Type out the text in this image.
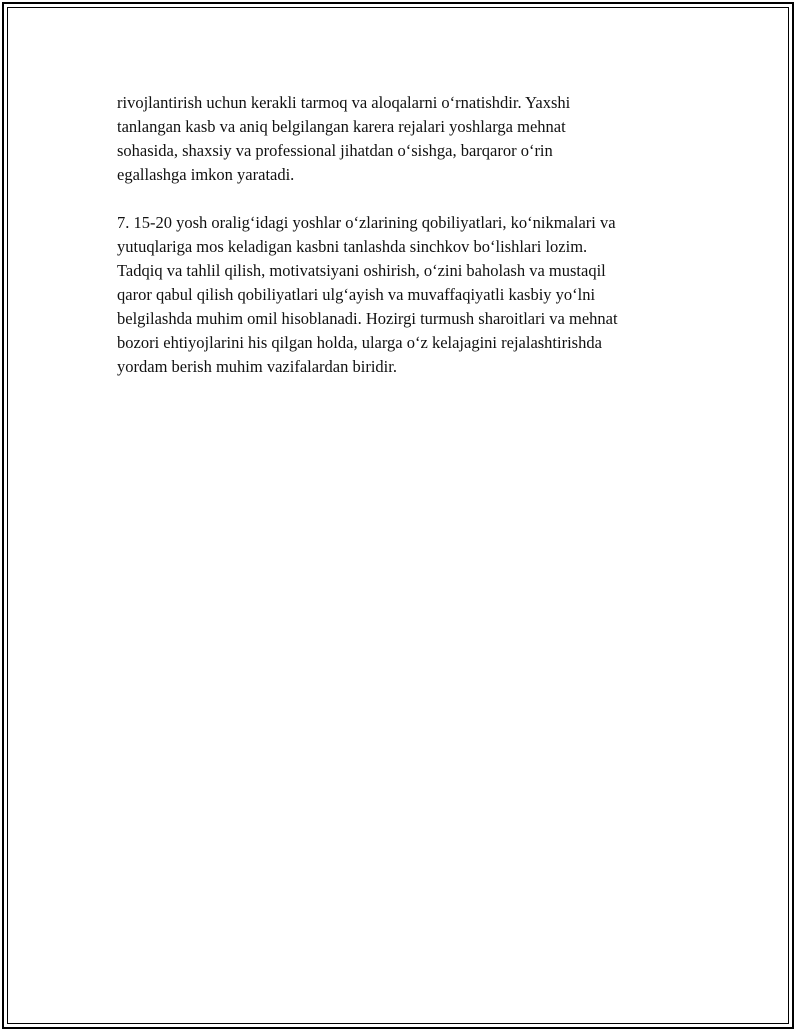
rivojlantirish uchun kerakli tarmoq va aloqalarni o‘rnatishdir. Yaxshi
tanlangan kasb va aniq belgilangan karera rejalari yoshlarga mehnat
sohasida, shaxsiy va professional jihatdan o‘sishga, barqaror o‘rin
egallashga imkon yaratadi.

7. 15-20 yosh oralig‘idagi yoshlar o‘zlarining qobiliyatlari, ko‘nikmalari va
yutuqlariga mos keladigan kasbni tanlashda sinchkov bo‘lishlari lozim.
Tadqiq va tahlil qilish, motivatsiyani oshirish, o‘zini baholash va mustaqil
qaror qabul qilish qobiliyatlari ulg‘ayish va muvaffaqiyatli kasbiy yo‘lni
belgilashda muhim omil hisoblanadi. Hozirgi turmush sharoitlari va mehnat
bozori ehtiyojlarini his qilgan holda, ularga o‘z kelajagini rejalashtirishda
yordam berish muhim vazifalardan biridir.
